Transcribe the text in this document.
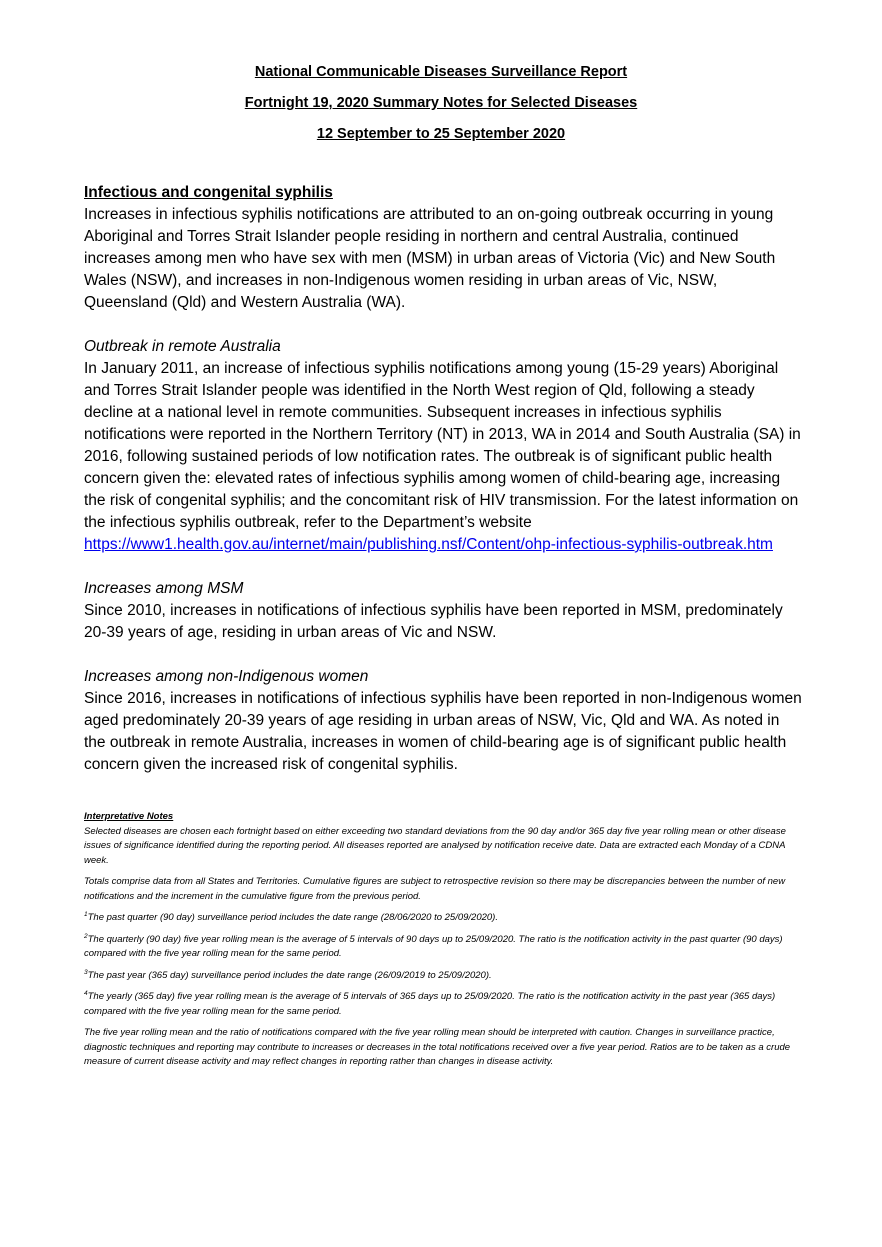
National Communicable Diseases Surveillance Report

Fortnight 19, 2020 Summary Notes for Selected Diseases

12 September to 25 September 2020

Infectious and congenital syphilis

Increases in infectious syphilis notifications are attributed to an on-going outbreak occurring in young Aboriginal and Torres Strait Islander people residing in northern and central Australia, continued increases among men who have sex with men (MSM) in urban areas of Victoria (Vic) and New South Wales (NSW), and increases in non-Indigenous women residing in urban areas of Vic, NSW, Queensland (Qld) and Western Australia (WA).

Outbreak in remote Australia

In January 2011, an increase of infectious syphilis notifications among young (15-29 years) Aboriginal and Torres Strait Islander people was identified in the North West region of Qld, following a steady decline at a national level in remote communities. Subsequent increases in infectious syphilis notifications were reported in the Northern Territory (NT) in 2013, WA in 2014 and South Australia (SA) in 2016, following sustained periods of low notification rates. The outbreak is of significant public health concern given the: elevated rates of infectious syphilis among women of child-bearing age, increasing the risk of congenital syphilis; and the concomitant risk of HIV transmission. For the latest information on the infectious syphilis outbreak, refer to the Department’s website https://www1.health.gov.au/internet/main/publishing.nsf/Content/ohp-infectious-syphilis-outbreak.htm

Increases among MSM

Since 2010, increases in notifications of infectious syphilis have been reported in MSM, predominately 20-39 years of age, residing in urban areas of Vic and NSW.

Increases among non-Indigenous women

Since 2016, increases in notifications of infectious syphilis have been reported in non-Indigenous women aged predominately 20-39 years of age residing in urban areas of NSW, Vic, Qld and WA. As noted in the outbreak in remote Australia, increases in women of child-bearing age is of significant public health concern given the increased risk of congenital syphilis.

Interpretative Notes

Selected diseases are chosen each fortnight based on either exceeding two standard deviations from the 90 day and/or 365 day five year rolling mean or other disease issues of significance identified during the reporting period. All diseases reported are analysed by notification receive date. Data are extracted each Monday of a CDNA week.

Totals comprise data from all States and Territories. Cumulative figures are subject to retrospective revision so there may be discrepancies between the number of new notifications and the increment in the cumulative figure from the previous period.

$^1$The past quarter (90 day) surveillance period includes the date range (28/06/2020 to 25/09/2020).

$^2$The quarterly (90 day) five year rolling mean is the average of 5 intervals of 90 days up to 25/09/2020. The ratio is the notification activity in the past quarter (90 days) compared with the five year rolling mean for the same period.

$^3$The past year (365 day) surveillance period includes the date range (26/09/2019 to 25/09/2020).

$^4$The yearly (365 day) five year rolling mean is the average of 5 intervals of 365 days up to 25/09/2020. The ratio is the notification activity in the past year (365 days) compared with the five year rolling mean for the same period.

The five year rolling mean and the ratio of notifications compared with the five year rolling mean should be interpreted with caution. Changes in surveillance practice, diagnostic techniques and reporting may contribute to increases or decreases in the total notifications received over a five year period. Ratios are to be taken as a crude measure of current disease activity and may reflect changes in reporting rather than changes in disease activity.
